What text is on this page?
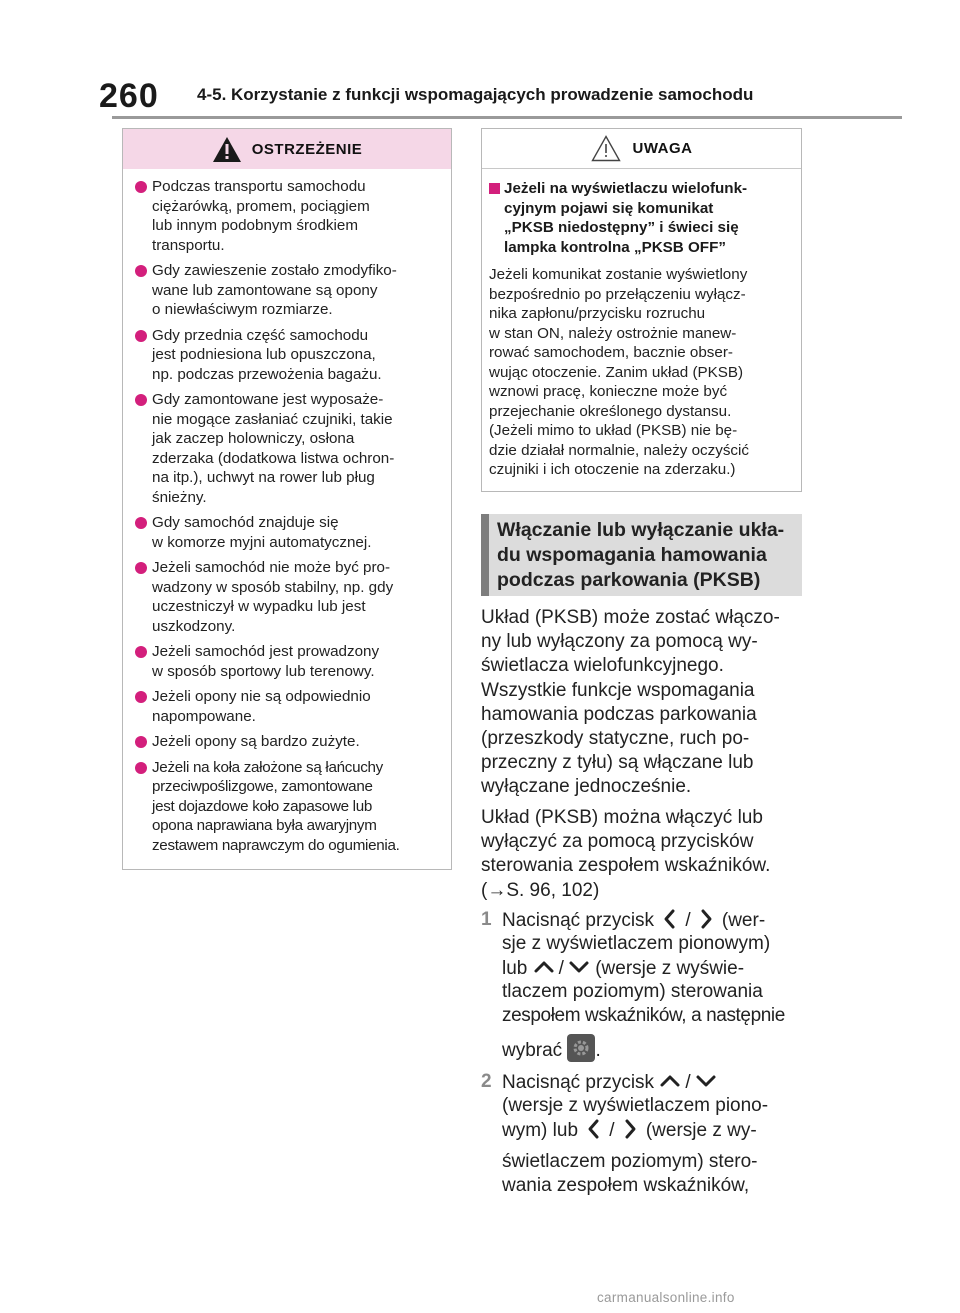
260 4-5. Korzystanie z funkcji wspomagających prowadzenie samochodu
OSTRZEŻENIE
Podczas transportu samochodu
ciężarówką, promem, pociągiem
lub innym podobnym środkiem
transportu.
Gdy zawieszenie zostało zmodyfiko-
wane lub zamontowane są opony
o niewłaściwym rozmiarze.
Gdy przednia część samochodu
jest podniesiona lub opuszczona,
np. podczas przewożenia bagażu.
Gdy zamontowane jest wyposaże-
nie mogące zasłaniać czujniki, takie
jak zaczep holowniczy, osłona
zderzaka (dodatkowa listwa ochron-
na itp.), uchwyt na rower lub pług
śnieżny.
Gdy samochód znajduje się
w komorze myjni automatycznej.
Jeżeli samochód nie może być pro-
wadzony w sposób stabilny, np. gdy
uczestniczył w wypadku lub jest
uszkodzony.
Jeżeli samochód jest prowadzony
w sposób sportowy lub terenowy.
Jeżeli opony nie są odpowiednio
napompowane.
Jeżeli opony są bardzo zużyte.
Jeżeli na koła założone są łańcuchy
przeciwpoślizgowe, zamontowane
jest dojazdowe koło zapasowe lub
opona naprawiana była awaryjnym
zestawem naprawczym do ogumienia.
UWAGA
Jeżeli na wyświetlaczu wielofunk-
cyjnym pojawi się komunikat
„PKSB niedostępny” i świeci się
lampka kontrolna „PKSB OFF”
Jeżeli komunikat zostanie wyświetlony
bezpośrednio po przełączeniu wyłącz-
nika zapłonu/przycisku rozruchu
w stan ON, należy ostrożnie manew-
rować samochodem, bacznie obser-
wując otoczenie. Zanim układ (PKSB)
wznowi pracę, konieczne może być
przejechanie określonego dystansu.
(Jeżeli mimo to układ (PKSB) nie bę-
dzie działał normalnie, należy oczyścić
czujniki i ich otoczenie na zderzaku.)
Włączanie lub wyłączanie ukła-
du wspomagania hamowania
podczas parkowania (PKSB)
Układ (PKSB) może zostać włączo-
ny lub wyłączony za pomocą wy-
świetlacza wielofunkcyjnego.
Wszystkie funkcje wspomagania
hamowania podczas parkowania
(przeszkody statyczne, ruch po-
przeczny z tyłu) są włączane lub
wyłączane jednocześnie.
Układ (PKSB) można włączyć lub
wyłączyć za pomocą przycisków
sterowania zespołem wskaźników.
(→S. 96, 102)
1 Nacisnąć przycisk / (wer-
sje z wyświetlaczem pionowym)
lub / (wersje z wyświe-
tlaczem poziomym) sterowania
zespołem wskaźników, a następnie
wybrać
.
2 Nacisnąć przycisk /
(wersje z wyświetlaczem piono-
wym) lub / (wersje z wy-
świetlaczem poziomym) stero-
wania zespołem wskaźników,
carmanualsonline.info
